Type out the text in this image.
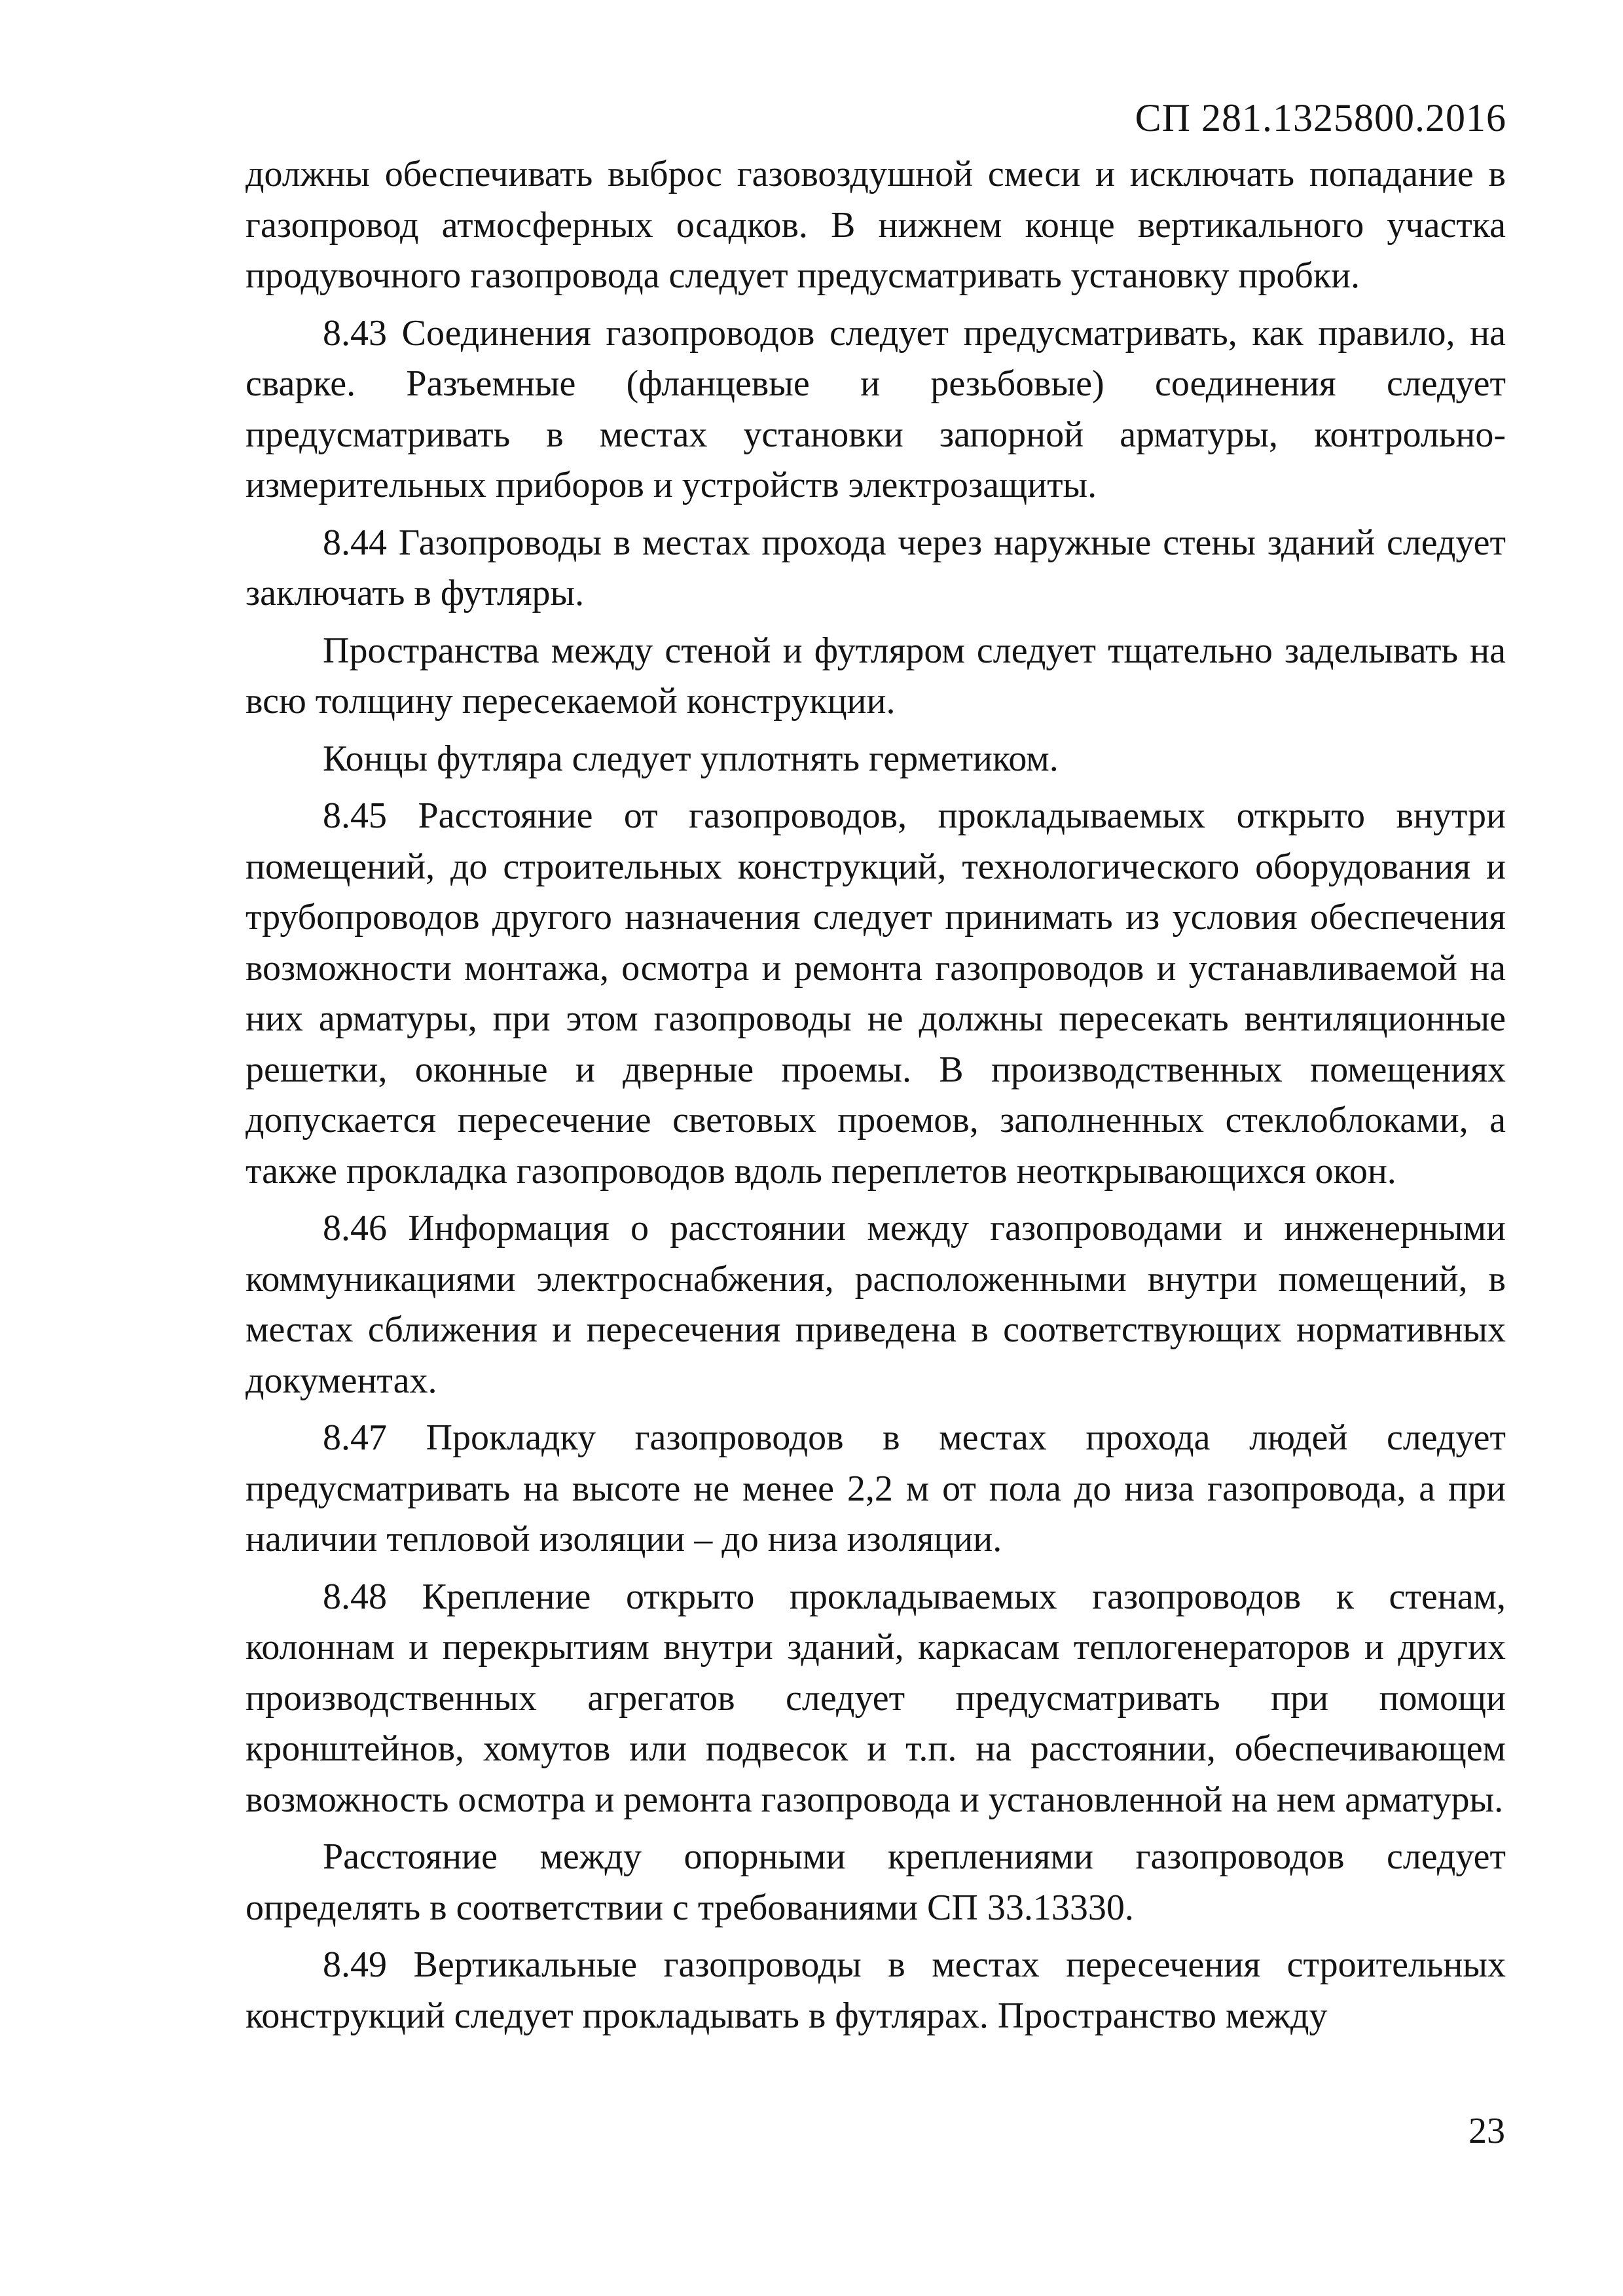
СП 281.1325800.2016

должны обеспечивать выброс газовоздушной смеси и исключать попадание в газопровод атмосферных осадков. В нижнем конце вертикального участка продувочного газопровода следует предусматривать установку пробки.

8.43 Соединения газопроводов следует предусматривать, как правило, на сварке. Разъемные (фланцевые и резьбовые) соединения следует предусматривать в местах установки запорной арматуры, контрольно-измерительных приборов и устройств электрозащиты.

8.44 Газопроводы в местах прохода через наружные стены зданий следует заключать в футляры.

Пространства между стеной и футляром следует тщательно заделывать на всю толщину пересекаемой конструкции.

Концы футляра следует уплотнять герметиком.

8.45 Расстояние от газопроводов, прокладываемых открыто внутри помещений, до строительных конструкций, технологического оборудования и трубопроводов другого назначения следует принимать из условия обеспечения возможности монтажа, осмотра и ремонта газопроводов и устанавливаемой на них арматуры, при этом газопроводы не должны пересекать вентиляционные решетки, оконные и дверные проемы. В производственных помещениях допускается пересечение световых проемов, заполненных стеклоблоками, а также прокладка газопроводов вдоль переплетов неоткрывающихся окон.

8.46 Информация о расстоянии между газопроводами и инженерными коммуникациями электроснабжения, расположенными внутри помещений, в местах сближения и пересечения приведена в соответствующих нормативных документах.

8.47 Прокладку газопроводов в местах прохода людей следует предусматривать на высоте не менее 2,2 м от пола до низа газопровода, а при наличии тепловой изоляции – до низа изоляции.

8.48 Крепление открыто прокладываемых газопроводов к стенам, колоннам и перекрытиям внутри зданий, каркасам теплогенераторов и других производственных агрегатов следует предусматривать при помощи кронштейнов, хомутов или подвесок и т.п. на расстоянии, обеспечивающем возможность осмотра и ремонта газопровода и установленной на нем арматуры.

Расстояние между опорными креплениями газопроводов следует определять в соответствии с требованиями СП 33.13330.

8.49 Вертикальные газопроводы в местах пересечения строительных конструкций следует прокладывать в футлярах. Пространство между

23
